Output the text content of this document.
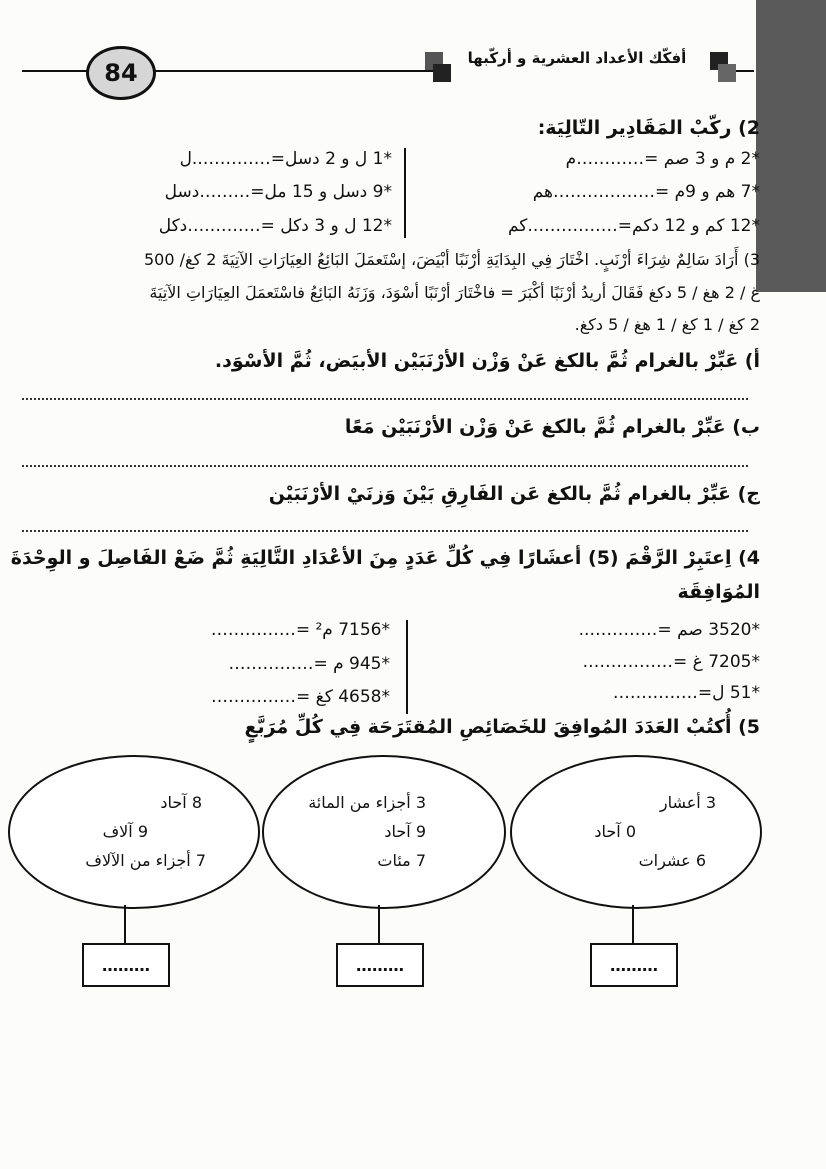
84
أفكّك الأعداد العشرية و أركّبها
2) ركّبْ المَقَادِير التّالِيَة:
*2 م و 3 صم =…………م
*7 هم و 9م =………………هم
*12 كم و 12 دكم=…………….كم
*1 ل و 2 دسل=…………..ل
*9 دسل و 15 مل=………دسل
*12 ل و 3 دكل =……….…دكل
3) أَرَادَ سَالِمٌ شِرَاءَ أرْنَبٍ. اخْتَارَ فِي البِدَايَةِ أرْنَبًا أبْيَضَ، إسْتَعمَلَ البَائِعُ العِيَارَاتِ الآتِيَةَ 2 كغ/ 500
غ / 2 هغ / 5 دكغ فَقَالَ أريدُ أرْنَبًا أكْبَرَ = فاخْتَارَ أرْنَبًا أسْوَدَ، وَزَنَهُ البَائِعُ فاسْتَعمَلَ العِيَارَاتِ الآتِيَةَ
2 كغ / 1 كغ / 1 هغ / 5 دكغ.
أ) عَبِّرْ بالغرام ثُمَّ بالكغ عَنْ وَزْن الأرْنَبَيْن الأبيَض، ثُمَّ الأسْوَد.
ب) عَبِّرْ بالغرام ثُمَّ بالكغ عَنْ وَزْن الأرْنَبَيْن مَعًا
ج) عَبِّرْ بالغرام ثُمَّ بالكغ عَن الفَارِقِ بَيْنَ وَزنَيْ الأرْنَبَيْن
4) اِعتَبِرْ الرَّقْمَ (5) أعشَارًا فِي كُلِّ عَدَدٍ مِنَ الأعْدَادِ التَّالِيَةِ ثُمَّ ضَعْ الفَاصِلَ و الوِحْدَةَ
المُوَافِقَة
*3520 صم =…………..
*7205 غ =…………….
*51 ل=……………
*7156 م² =……………
*945 م =……………
*4658 كغ =……………
5) أُكتُبْ العَدَدَ المُوافِقَ للخَصَائِصِ المُقتَرَحَة فِي كُلِّ مُرَبَّعٍ
3 أعشار
0 آحاد
6 عشرات
………
3 أجزاء من المائة
9 آحاد
7 مئات
………
8 آحاد
9 آلاف
7 أجزاء من الآلاف
………
